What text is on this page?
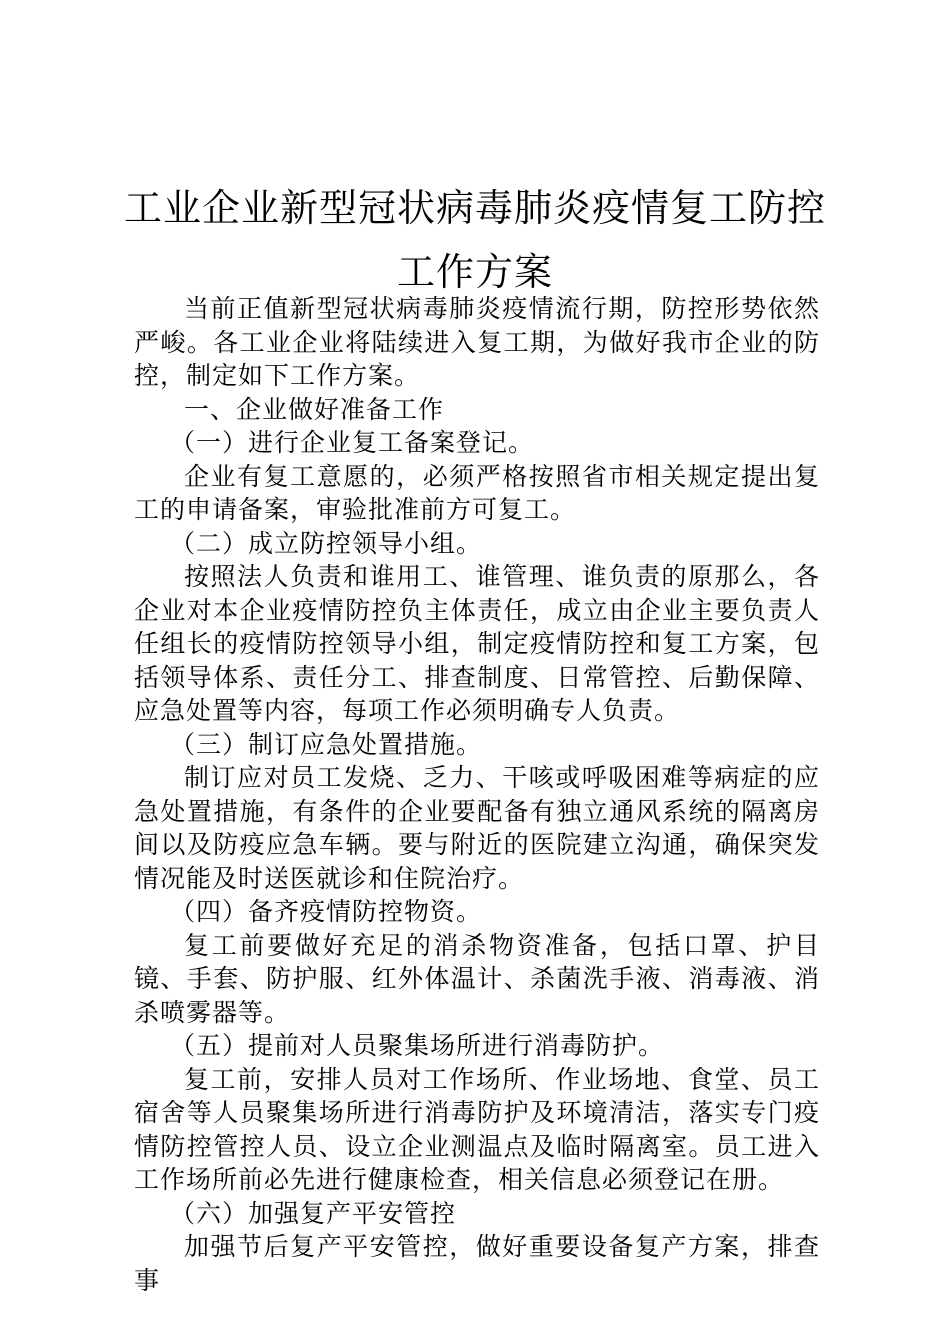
工业企业新型冠状病毒肺炎疫情复工防控工作方案

当前正值新型冠状病毒肺炎疫情流行期，防控形势依然严峻。各工业企业将陆续进入复工期，为做好我市企业的防控，制定如下工作方案。

一、企业做好准备工作

（一）进行企业复工备案登记。

企业有复工意愿的，必须严格按照省市相关规定提出复工的申请备案，审验批准前方可复工。

（二）成立防控领导小组。

按照法人负责和谁用工、谁管理、谁负责的原那么，各企业对本企业疫情防控负主体责任，成立由企业主要负责人任组长的疫情防控领导小组，制定疫情防控和复工方案，包括领导体系、责任分工、排查制度、日常管控、后勤保障、应急处置等内容，每项工作必须明确专人负责。

（三）制订应急处置措施。

制订应对员工发烧、乏力、干咳或呼吸困难等病症的应急处置措施，有条件的企业要配备有独立通风系统的隔离房间以及防疫应急车辆。要与附近的医院建立沟通，确保突发情况能及时送医就诊和住院治疗。

（四）备齐疫情防控物资。

复工前要做好充足的消杀物资准备，包括口罩、护目镜、手套、防护服、红外体温计、杀菌洗手液、消毒液、消杀喷雾器等。

（五）提前对人员聚集场所进行消毒防护。

复工前，安排人员对工作场所、作业场地、食堂、员工宿舍等人员聚集场所进行消毒防护及环境清洁，落实专门疫情防控管控人员、设立企业测温点及临时隔离室。员工进入工作场所前必先进行健康检查，相关信息必须登记在册。

（六）加强复产平安管控

加强节后复产平安管控，做好重要设备复产方案，排查事
